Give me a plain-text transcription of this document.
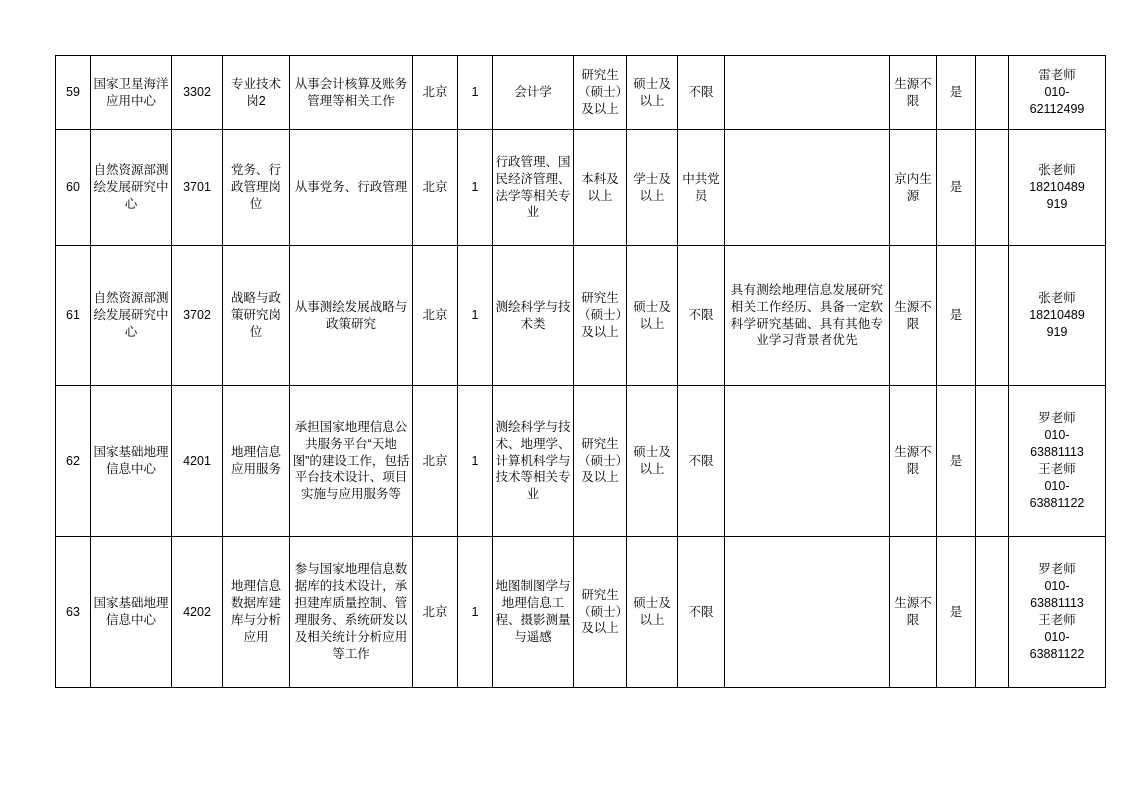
59	国家卫星海洋应用中心	3302	专业技术岗2	从事会计核算及账务管理等相关工作	北京	1	会计学	研究生（硕士）及以上	硕士及以上	不限		生源不限	是		雷老师
010-
62112499

60	自然资源部测绘发展研究中心	3701	党务、行政管理岗位	从事党务、行政管理	北京	1	行政管理、国民经济管理、法学等相关专业	本科及以上	学士及以上	中共党员		京内生源	是		张老师
18210489
919

61	自然资源部测绘发展研究中心	3702	战略与政策研究岗位	从事测绘发展战略与政策研究	北京	1	测绘科学与技术类	研究生（硕士）及以上	硕士及以上	不限	具有测绘地理信息发展研究相关工作经历、具备一定软科学研究基础、具有其他专业学习背景者优先	生源不限	是		张老师
18210489
919

62	国家基础地理信息中心	4201	地理信息应用服务	承担国家地理信息公共服务平台“天地图”的建设工作，包括平台技术设计、项目实施与应用服务等	北京	1	测绘科学与技术、地理学、计算机科学与技术等相关专业	研究生（硕士）及以上	硕士及以上	不限		生源不限	是		
罗老师
010-
63881113
王老师
010-
63881122

63	国家基础地理信息中心	4202	地理信息数据库建库与分析应用	参与国家地理信息数据库的技术设计，承担建库质量控制、管理服务、系统研发以及相关统计分析应用等工作	北京	1	地图制图学与地理信息工程、摄影测量与遥感	研究生（硕士）及以上	硕士及以上	不限		生源不限	是		
罗老师
010-
63881113
王老师
010-
63881122
